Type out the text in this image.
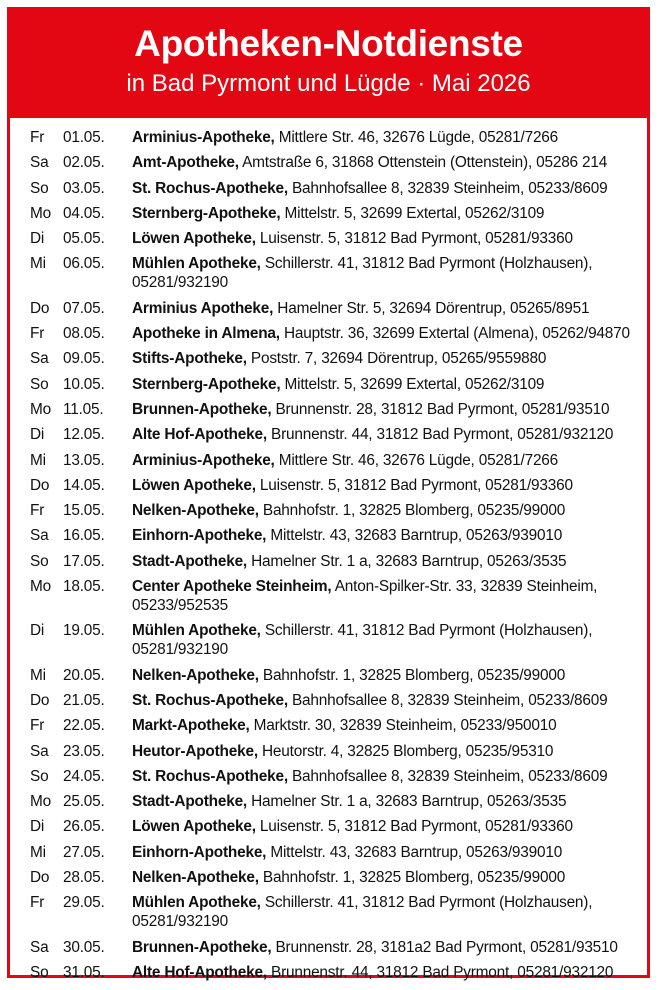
Apotheken-Notdienste
in Bad Pyrmont und Lügde · Mai 2026
Fr	01.05.	Arminius-Apotheke, Mittlere Str. 46, 32676 Lügde, 05281/7266
Sa 02.05.	Amt-Apotheke, Amtstraße 6, 31868 Ottenstein (Ottenstein), 05286 214
So 03.05.	St. Rochus-Apotheke, Bahnhofsallee 8, 32839 Steinheim, 05233/8609
Mo 04.05.	Sternberg-Apotheke, Mittelstr. 5, 32699 Extertal, 05262/3109
Di	05.05.	Löwen Apotheke, Luisenstr. 5, 31812 Bad Pyrmont, 05281/93360
Mi	06.05.	Mühlen Apotheke, Schillerstr. 41, 31812 Bad Pyrmont (Holzhausen), 05281/932190
Do 07.05.	Arminius Apotheke, Hamelner Str. 5, 32694 Dörentrup, 05265/8951
Fr	08.05.	Apotheke in Almena, Hauptstr. 36, 32699 Extertal (Almena), 05262/94870
Sa 09.05.	Stifts-Apotheke, Poststr. 7, 32694 Dörentrup, 05265/9559880
So 10.05.	Sternberg-Apotheke, Mittelstr. 5, 32699 Extertal, 05262/3109
Mo 11.05.	Brunnen-Apotheke, Brunnenstr. 28, 31812 Bad Pyrmont, 05281/93510
Di	12.05.	Alte Hof-Apotheke, Brunnenstr. 44, 31812 Bad Pyrmont, 05281/932120
Mi	13.05.	Arminius-Apotheke, Mittlere Str. 46, 32676 Lügde, 05281/7266
Do 14.05.	Löwen Apotheke, Luisenstr. 5, 31812 Bad Pyrmont, 05281/93360
Fr	15.05.	Nelken-Apotheke, Bahnhofstr. 1, 32825 Blomberg, 05235/99000
Sa 16.05.	Einhorn-Apotheke, Mittelstr. 43, 32683 Barntrup, 05263/939010
So 17.05.	Stadt-Apotheke, Hamelner Str. 1 a, 32683 Barntrup, 05263/3535
Mo 18.05.	Center Apotheke Steinheim, Anton-Spilker-Str. 33, 32839 Steinheim, 05233/952535
Di	19.05.	Mühlen Apotheke, Schillerstr. 41, 31812 Bad Pyrmont (Holzhausen), 05281/932190
Mi	20.05.	Nelken-Apotheke, Bahnhofstr. 1, 32825 Blomberg, 05235/99000
Do 21.05.	St. Rochus-Apotheke, Bahnhofsallee 8, 32839 Steinheim, 05233/8609
Fr	22.05.	Markt-Apotheke, Marktstr. 30, 32839 Steinheim, 05233/950010
Sa 23.05.	Heutor-Apotheke, Heutorstr. 4, 32825 Blomberg, 05235/95310
So 24.05.	St. Rochus-Apotheke, Bahnhofsallee 8, 32839 Steinheim, 05233/8609
Mo 25.05.	Stadt-Apotheke, Hamelner Str. 1 a, 32683 Barntrup, 05263/3535
Di	26.05.	Löwen Apotheke, Luisenstr. 5, 31812 Bad Pyrmont, 05281/93360
Mi	27.05.	Einhorn-Apotheke, Mittelstr. 43, 32683 Barntrup, 05263/939010
Do 28.05.	Nelken-Apotheke, Bahnhofstr. 1, 32825 Blomberg, 05235/99000
Fr	29.05.	Mühlen Apotheke, Schillerstr. 41, 31812 Bad Pyrmont (Holzhausen), 05281/932190
Sa 30.05.	Brunnen-Apotheke, Brunnenstr. 28, 3181a2 Bad Pyrmont, 05281/93510
So 31.05.	Alte Hof-Apotheke, Brunnenstr. 44, 31812 Bad Pyrmont, 05281/932120
